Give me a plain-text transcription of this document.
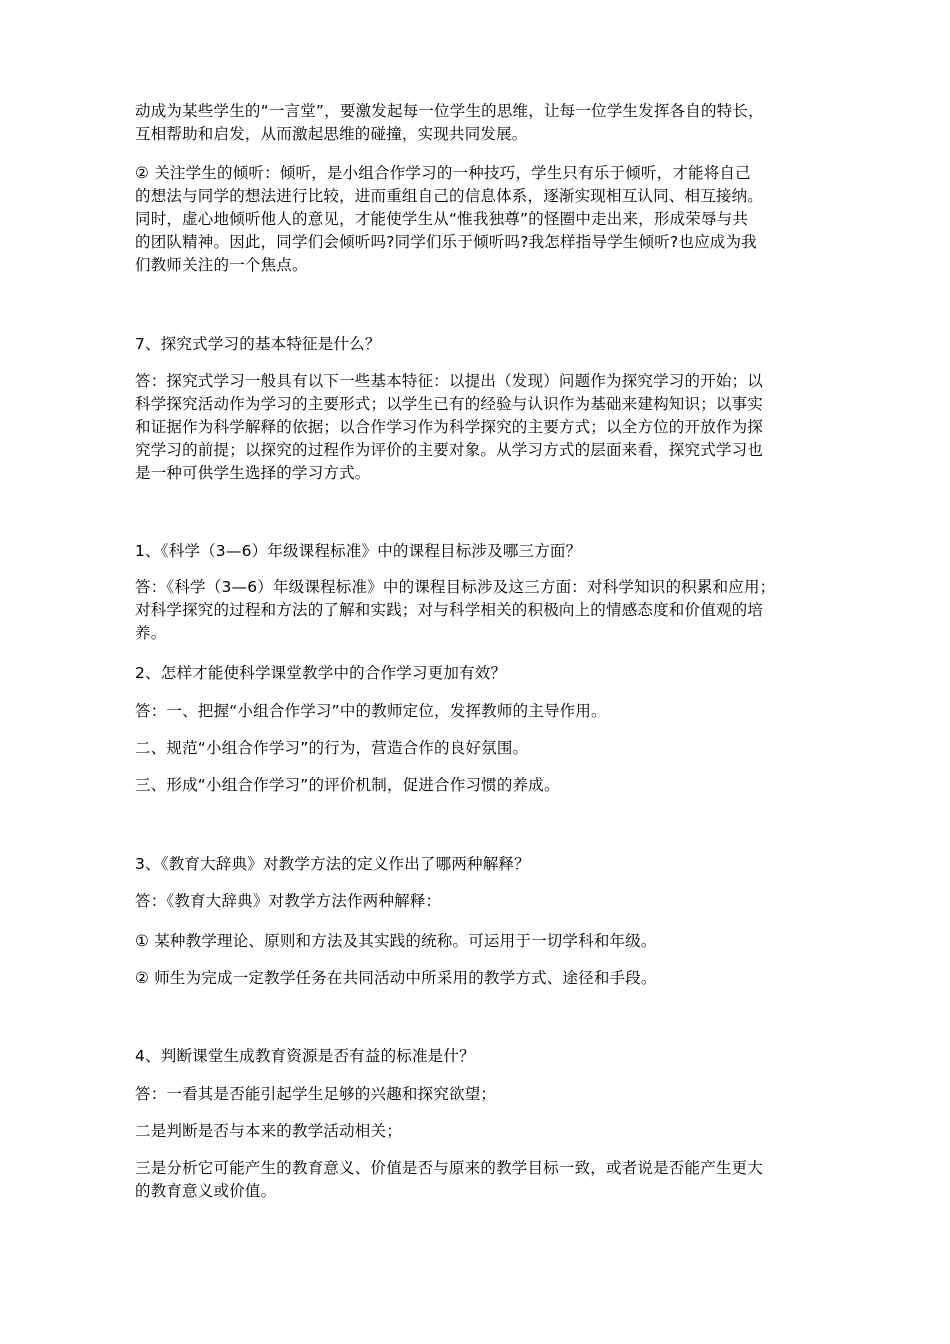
动成为某些学生的“一言堂”，要激发起每一位学生的思维，让每一位学生发挥各自的特长，
互相帮助和启发，从而激起思维的碰撞，实现共同发展。

② 关注学生的倾听：倾听，是小组合作学习的一种技巧，学生只有乐于倾听，才能将自己
的想法与同学的想法进行比较，进而重组自己的信息体系，逐渐实现相互认同、相互接纳。
同时，虚心地倾听他人的意见，才能使学生从“惟我独尊”的怪圈中走出来，形成荣辱与共
的团队精神。因此，同学们会倾听吗?同学们乐于倾听吗?我怎样指导学生倾听?也应成为我
们教师关注的一个焦点。

7、探究式学习的基本特征是什么？

答：探究式学习一般具有以下一些基本特征：以提出（发现）问题作为探究学习的开始；以
科学探究活动作为学习的主要形式；以学生已有的经验与认识作为基础来建构知识；以事实
和证据作为科学解释的依据；以合作学习作为科学探究的主要方式；以全方位的开放作为探
究学习的前提；以探究的过程作为评价的主要对象。从学习方式的层面来看，探究式学习也
是一种可供学生选择的学习方式。

1、《科学（3—6）年级课程标准》中的课程目标涉及哪三方面？

答：《科学（3—6）年级课程标准》中的课程目标涉及这三方面：对科学知识的积累和应用；
对科学探究的过程和方法的了解和实践；对与科学相关的积极向上的情感态度和价值观的培
养。

2、怎样才能使科学课堂教学中的合作学习更加有效？

答：一、把握“小组合作学习”中的教师定位，发挥教师的主导作用。

二、规范“小组合作学习”的行为，营造合作的良好氛围。

三、形成“小组合作学习”的评价机制，促进合作习惯的养成。

3、《教育大辞典》对教学方法的定义作出了哪两种解释？

答：《教育大辞典》对教学方法作两种解释：

① 某种教学理论、原则和方法及其实践的统称。可运用于一切学科和年级。

② 师生为完成一定教学任务在共同活动中所采用的教学方式、途径和手段。

4、判断课堂生成教育资源是否有益的标准是什？

答：一看其是否能引起学生足够的兴趣和探究欲望；

二是判断是否与本来的教学活动相关；

三是分析它可能产生的教育意义、价值是否与原来的教学目标一致，或者说是否能产生更大
的教育意义或价值。
